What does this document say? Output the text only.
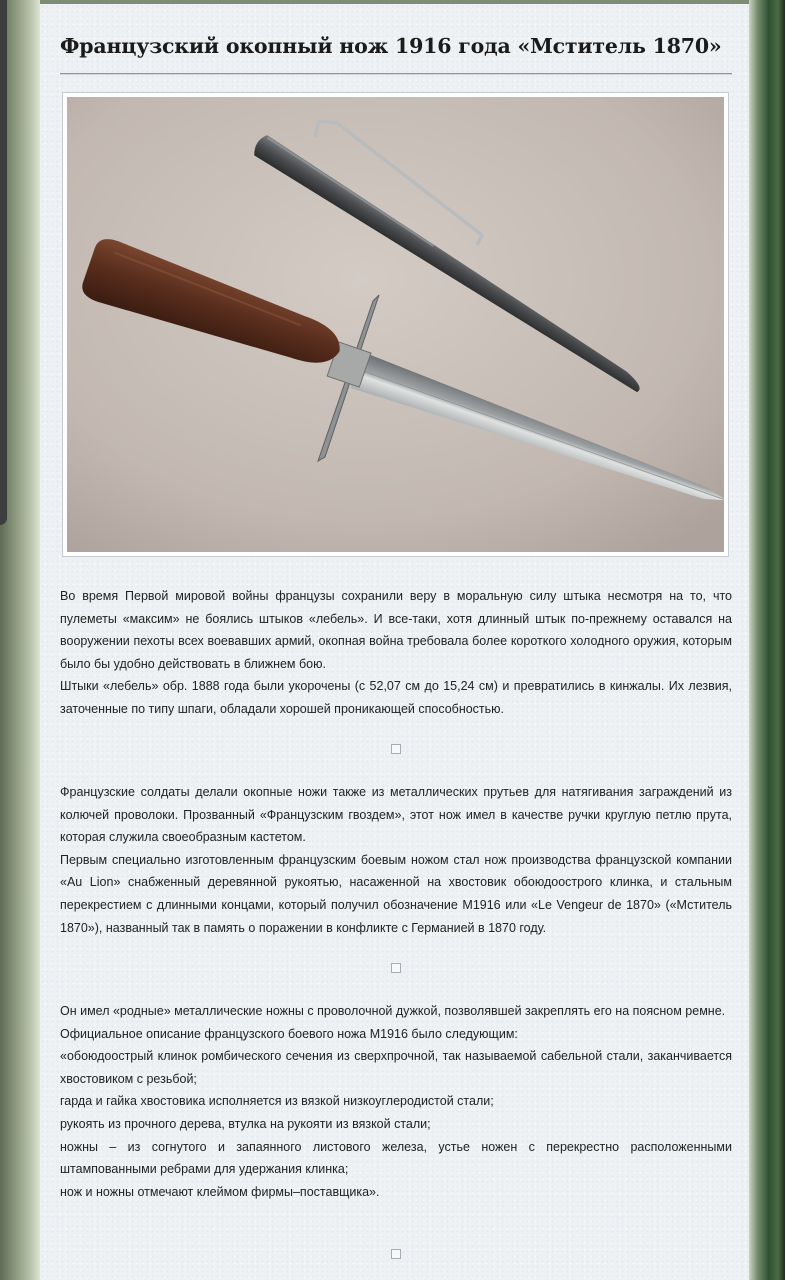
Французский окопный нож 1916 года «Мститель 1870»

Во время Первой мировой войны французы сохранили веру в моральную силу штыка несмотря на то, что пулеметы «максим» не боялись штыков «лебель». И все-таки, хотя длинный штык по-прежнему оставался на вооружении пехоты всех воевавших армий, окопная война требовала более короткого холодного оружия, которым было бы удобно действовать в ближнем бою.

Штыки «лебель» обр. 1888 года были укорочены (с 52,07 см до 15,24 см) и превратились в кинжалы. Их лезвия, заточенные по типу шпаги, обладали хорошей проникающей способностью.

Французские солдаты делали окопные ножи также из металлических прутьев для натягивания заграждений из колючей проволоки. Прозванный «Французским гвоздем», этот нож имел в качестве ручки круглую петлю прута, которая служила своеобразным кастетом.

Первым специально изготовленным французским боевым ножом стал нож производства французской компании «Au Lion» снабженный деревянной рукоятью, насаженной на хвостовик обоюдоострого клинка, и стальным перекрестием с длинными концами, который получил обозначение М1916 или «Le Vengeur de 1870» («Мститель 1870»), названный так в память о поражении в конфликте с Германией в 1870 году.

Он имел «родные» металлические ножны с проволочной дужкой, позволявшей закреплять его на поясном ремне.

Официальное описание французского боевого ножа М1916 было следующим:

«обоюдоострый клинок ромбического сечения из сверхпрочной, так называемой сабельной стали, заканчивается хвостовиком с резьбой;

гарда и гайка хвостовика исполняется из вязкой низкоуглеродистой стали;

рукоять из прочного дерева, втулка на рукояти из вязкой стали;

ножны – из согнутого и запаянного листового железа, устье ножен с перекрестно расположенными штампованными ребрами для удержания клинка;

нож и ножны отмечают клеймом фирмы–поставщика».
